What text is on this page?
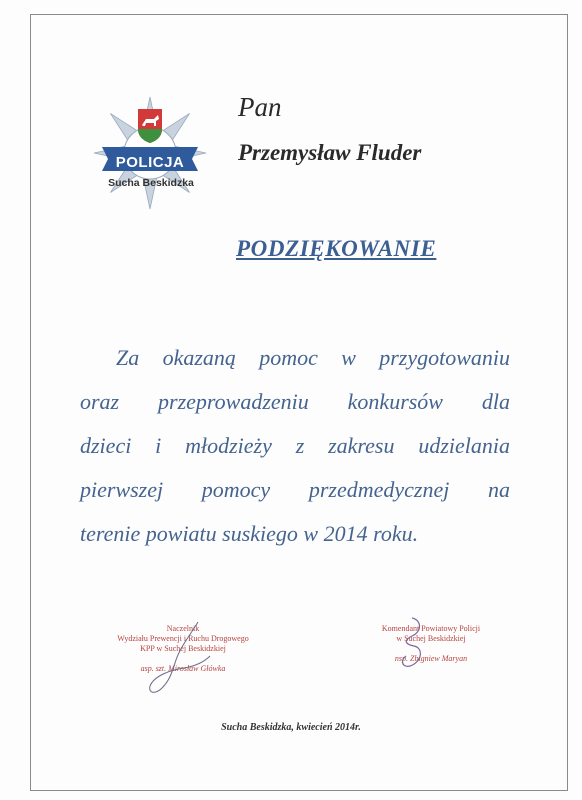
POLICJA
Sucha Beskidzka
Pan
Przemysław Fluder
PODZIĘKOWANIE
Za okazaną pomoc w przygotowaniu
oraz przeprowadzeniu konkursów dla
dzieci i młodzieży z zakresu udzielania
pierwszej pomocy przedmedycznej na
terenie powiatu suskiego w 2014 roku.
Naczelnik
Wydziału Prewencji i Ruchu Drogowego
KPP w Suchej Beskidzkiej
asp. szt. Mirosław Główka
Komendant Powiatowy Policji
w Suchej Beskidzkiej
nsp. Zbigniew Maryan
Sucha Beskidzka, kwiecień 2014r.
